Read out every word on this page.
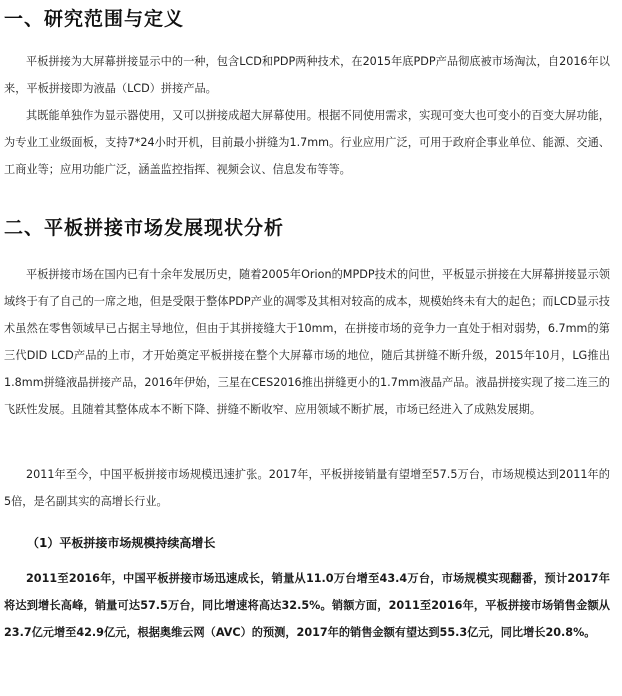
一、研究范围与定义
平板拼接为大屏幕拼接显示中的一种，包含LCD和PDP两种技术，在2015年底PDP产品彻底被市场淘汰，自2016年以来，平板拼接即为液晶（LCD）拼接产品。
其既能单独作为显示器使用，又可以拼接成超大屏幕使用。根据不同使用需求，实现可变大也可变小的百变大屏功能，为专业工业级面板，支持7*24小时开机，目前最小拼缝为1.7mm。行业应用广泛，可用于政府企事业单位、能源、交通、工商业等；应用功能广泛，涵盖监控指挥、视频会议、信息发布等等。
二、平板拼接市场发展现状分析
平板拼接市场在国内已有十余年发展历史，随着2005年Orion的MPDP技术的问世，平板显示拼接在大屏幕拼接显示领域终于有了自己的一席之地，但是受限于整体PDP产业的凋零及其相对较高的成本，规模始终未有大的起色；而LCD显示技术虽然在零售领域早已占据主导地位，但由于其拼接缝大于10mm，在拼接市场的竞争力一直处于相对弱势，6.7mm的第三代DID LCD产品的上市，才开始奠定平板拼接在整个大屏幕市场的地位，随后其拼缝不断升级，2015年10月，LG推出1.8mm拼缝液晶拼接产品，2016年伊始，三星在CES2016推出拼缝更小的1.7mm液晶产品。液晶拼接实现了接二连三的飞跃性发展。且随着其整体成本不断下降、拼缝不断收窄、应用领域不断扩展，市场已经进入了成熟发展期。
2011年至今，中国平板拼接市场规模迅速扩张。2017年，平板拼接销量有望增至57.5万台，市场规模达到2011年的5倍，是名副其实的高增长行业。
（1）平板拼接市场规模持续高增长
2011至2016年，中国平板拼接市场迅速成长，销量从11.0万台增至43.4万台，市场规模实现翻番，预计2017年将达到增长高峰，销量可达57.5万台，同比增速将高达32.5%。销额方面，2011至2016年，平板拼接市场销售金额从23.7亿元增至42.9亿元，根据奥维云网（AVC）的预测，2017年的销售金额有望达到55.3亿元，同比增长20.8%。
